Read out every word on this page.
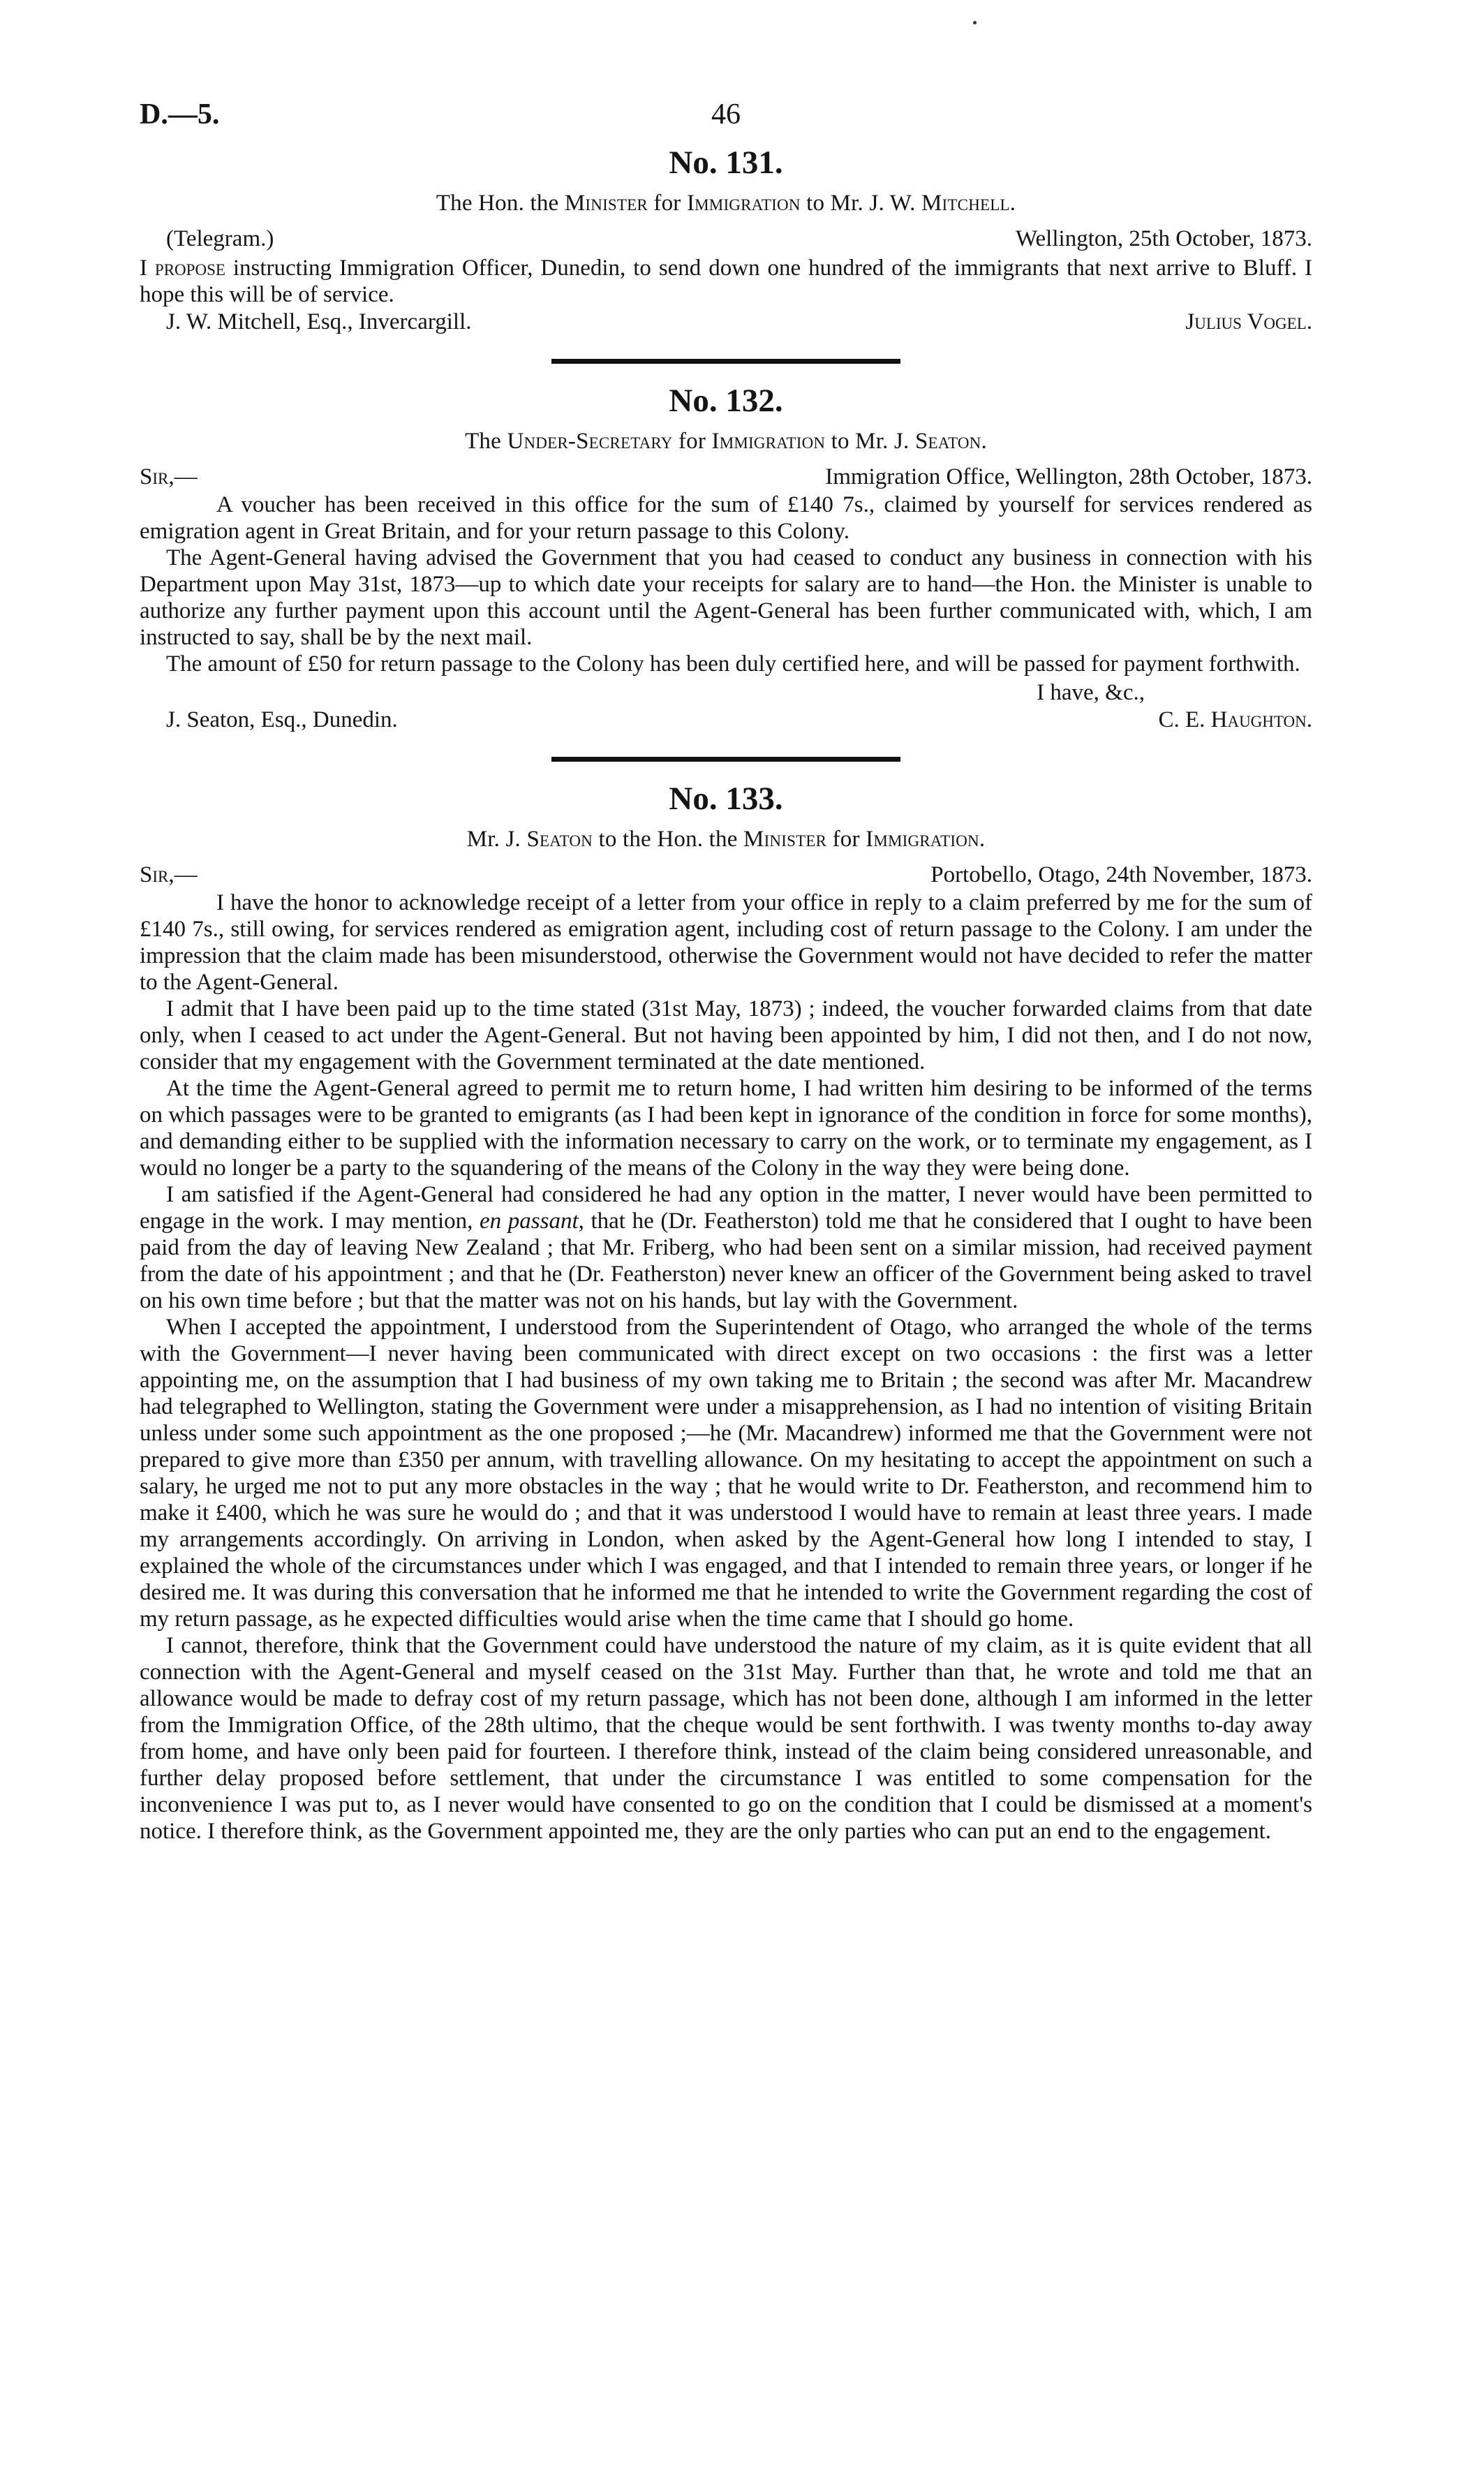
D.—5.	46
No. 131.
The Hon. the Minister for Immigration to Mr. J. W. Mitchell.
(Telegram.)	Wellington, 25th October, 1873.

I propose instructing Immigration Officer, Dunedin, to send down one hundred of the immigrants that next arrive to Bluff. I hope this will be of service.

J. W. Mitchell, Esq., Invercargill.	Julius Vogel.
No. 132.
The Under-Secretary for Immigration to Mr. J. Seaton.
Sir,—	Immigration Office, Wellington, 28th October, 1873.

A voucher has been received in this office for the sum of £140 7s., claimed by yourself for services rendered as emigration agent in Great Britain, and for your return passage to this Colony.

The Agent-General having advised the Government that you had ceased to conduct any business in connection with his Department upon May 31st, 1873—up to which date your receipts for salary are to hand—the Hon. the Minister is unable to authorize any further payment upon this account until the Agent-General has been further communicated with, which, I am instructed to say, shall be by the next mail.

The amount of £50 for return passage to the Colony has been duly certified here, and will be passed for payment forthwith.

I have, &c.,
J. Seaton, Esq., Dunedin.	C. E. Haughton.
No. 133.
Mr. J. Seaton to the Hon. the Minister for Immigration.
Sir,—	Portobello, Otago, 24th November, 1873.

I have the honor to acknowledge receipt of a letter from your office in reply to a claim preferred by me for the sum of £140 7s., still owing, for services rendered as emigration agent, including cost of return passage to the Colony. I am under the impression that the claim made has been misunderstood, otherwise the Government would not have decided to refer the matter to the Agent-General.

I admit that I have been paid up to the time stated (31st May, 1873) ; indeed, the voucher forwarded claims from that date only, when I ceased to act under the Agent-General. But not having been appointed by him, I did not then, and I do not now, consider that my engagement with the Government terminated at the date mentioned.

At the time the Agent-General agreed to permit me to return home, I had written him desiring to be informed of the terms on which passages were to be granted to emigrants (as I had been kept in ignorance of the condition in force for some months), and demanding either to be supplied with the information necessary to carry on the work, or to terminate my engagement, as I would no longer be a party to the squandering of the means of the Colony in the way they were being done.

I am satisfied if the Agent-General had considered he had any option in the matter, I never would have been permitted to engage in the work. I may mention, en passant, that he (Dr. Featherston) told me that he considered that I ought to have been paid from the day of leaving New Zealand ; that Mr. Friberg, who had been sent on a similar mission, had received payment from the date of his appointment ; and that he (Dr. Featherston) never knew an officer of the Government being asked to travel on his own time before ; but that the matter was not on his hands, but lay with the Government.

When I accepted the appointment, I understood from the Superintendent of Otago, who arranged the whole of the terms with the Government—I never having been communicated with direct except on two occasions : the first was a letter appointing me, on the assumption that I had business of my own taking me to Britain ; the second was after Mr. Macandrew had telegraphed to Wellington, stating the Government were under a misapprehension, as I had no intention of visiting Britain unless under some such appointment as the one proposed ;—he (Mr. Macandrew) informed me that the Government were not prepared to give more than £350 per annum, with travelling allowance. On my hesitating to accept the appointment on such a salary, he urged me not to put any more obstacles in the way ; that he would write to Dr. Featherston, and recommend him to make it £400, which he was sure he would do ; and that it was understood I would have to remain at least three years. I made my arrangements accordingly. On arriving in London, when asked by the Agent-General how long I intended to stay, I explained the whole of the circumstances under which I was engaged, and that I intended to remain three years, or longer if he desired me. It was during this conversation that he informed me that he intended to write the Government regarding the cost of my return passage, as he expected difficulties would arise when the time came that I should go home.

I cannot, therefore, think that the Government could have understood the nature of my claim, as it is quite evident that all connection with the Agent-General and myself ceased on the 31st May. Further than that, he wrote and told me that an allowance would be made to defray cost of my return passage, which has not been done, although I am informed in the letter from the Immigration Office, of the 28th ultimo, that the cheque would be sent forthwith. I was twenty months to-day away from home, and have only been paid for fourteen. I therefore think, instead of the claim being considered unreasonable, and further delay proposed before settlement, that under the circumstance I was entitled to some compensation for the inconvenience I was put to, as I never would have consented to go on the condition that I could be dismissed at a moment's notice. I therefore think, as the Government appointed me, they are the only parties who can put an end to the engagement.
